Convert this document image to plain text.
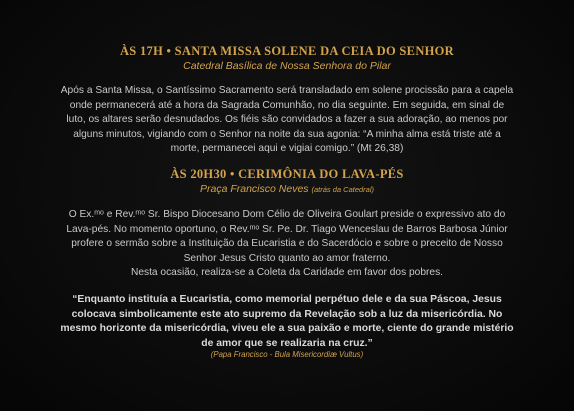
ÀS 17H • SANTA MISSA SOLENE DA CEIA DO SENHOR
Catedral Basílica de Nossa Senhora do Pilar
Após a Santa Missa, o Santíssimo Sacramento será transladado em solene procissão para a capela onde permanecerá até a hora da Sagrada Comunhão, no dia seguinte. Em seguida, em sinal de luto, os altares serão desnudados. Os fiéis são convidados a fazer a sua adoração, ao menos por alguns minutos, vigiando com o Senhor na noite da sua agonia: “A minha alma está triste até a morte, permanecei aqui e vigiai comigo.” (Mt 26,38)
ÀS 20H30 • CERIMÔNIA DO LAVA-PÉS
Praça Francisco Neves (atrás da Catedral)
O Ex.ᵐᵒ e Rev.ᵐᵒ Sr. Bispo Diocesano Dom Célio de Oliveira Goulart preside o expressivo ato do Lava-pés. No momento oportuno, o Rev.ᵐᵒ Sr. Pe. Dr. Tiago Wenceslau de Barros Barbosa Júnior profere o sermão sobre a Instituição da Eucaristia e do Sacerdócio e sobre o preceito de Nosso Senhor Jesus Cristo quanto ao amor fraterno.
Nesta ocasião, realiza-se a Coleta da Caridade em favor dos pobres.
“Enquanto instituía a Eucaristia, como memorial perpétuo dele e da sua Páscoa, Jesus colocava simbolicamente este ato supremo da Revelação sob a luz da misericórdia. No mesmo horizonte da misericórdia, viveu ele a sua paixão e morte, ciente do grande mistério de amor que se realizaria na cruz.”
(Papa Francisco - Bula Misericordiæ Vultus)
